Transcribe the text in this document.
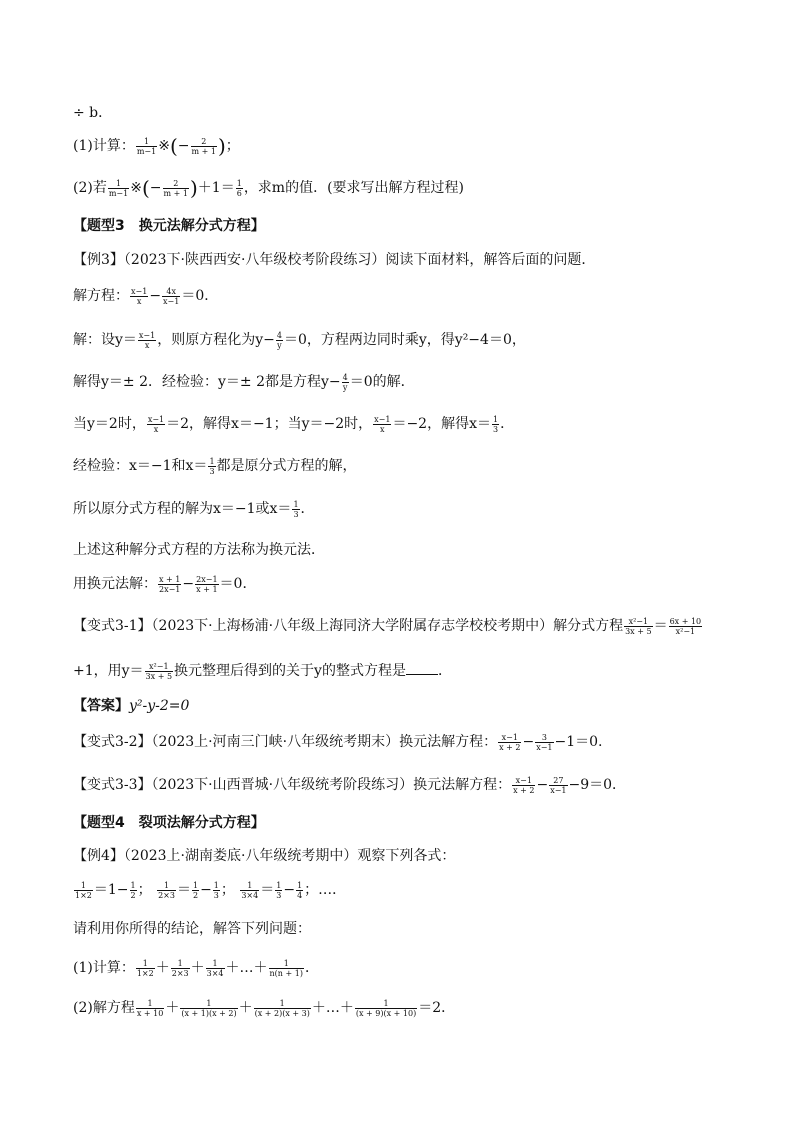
÷ b．
(1)计算： $\frac{1}{m-1}$ ※(− $\frac{2}{m + 1}$ )；
(2)若 $\frac{1}{m-1}$ ※(− $\frac{2}{m + 1} )+1= \frac{1}{6}$ ，求m的值．(要求写出解方程过程)
【题型3　换元法解分式方程】
【例3】（2023下·陕西西安·八年级校考阶段练习）阅读下面材料，解答后面的问题．
解方程： $\frac{x-1}{x} - \frac{4x}{x-1} =0$．
解：设$y= \frac{x-1}{x}$ ，则原方程化为$y- \frac{4}{y} =0$，方程两边同时乘y，得y²−4＝0，
解得y＝± 2．经检验：y＝± 2都是方程$y- \frac{4}{y} =0$的解．
当y＝2时， $\frac{x-1}{x} =2$，解得x＝−1；当y＝−2时， $\frac{x-1}{x} =-2$，解得$x= \frac{1}{3}$ ．
经检验：x＝−1和$x= \frac{1}{3}$ 都是原分式方程的解，
所以原分式方程的解为x＝−1或$x= \frac{1}{3}$ ．
上述这种解分式方程的方法称为换元法．
用换元法解： $\frac{x + 1}{2x-1} - \frac{2x-1}{x + 1} =0$．
【变式3-1】（2023下·上海杨浦·八年级上海同济大学附属存志学校校考期中）解分式方程 $\frac{\text{x²−1}}{3x + 5} = \frac{6x + 10}{\text{x²−1}}$
+1，用$y= \frac{\text{x²−1}}{3x + 5}$ 换元整理后得到的关于y的整式方程是 ．
【答案】y²-y-2=0
【变式3-2】（2023上·河南三门峡·八年级统考期末）换元法解方程： $\frac{x-1}{x + 2} - \frac{3}{x-1} -1=0$.
【变式3-3】（2023下·山西晋城·八年级统考阶段练习）换元法解方程： $\frac{x-1}{x + 2} - \frac{27}{x-1} -9=0$．
【题型4　裂项法解分式方程】
【例4】（2023上·湖南娄底·八年级统考期中）观察下列各式：
$\frac{1}{1\times 2} =1- \frac{1}{2}$ ； $\frac{1}{2\times 3} = \frac{1}{2} - \frac{1}{3}$ ； $\frac{1}{3\times 4} = \frac{1}{3} - \frac{1}{4}$ ；…．
请利用你所得的结论，解答下列问题：
(1)计算： $\frac{1}{1\times 2} + \frac{1}{2\times 3} + \frac{1}{3\times 4}$ ＋…＋ $\frac{1}{n(n + 1)}$ ．
(2)解方程 $\frac{1}{x + 10} + \frac{1}{(x + 1)(x + 2)} + \frac{1}{(x + 2)(x + 3)}$ ＋…＋ $\frac{1}{(x + 9)(x + 10)} =2$．
